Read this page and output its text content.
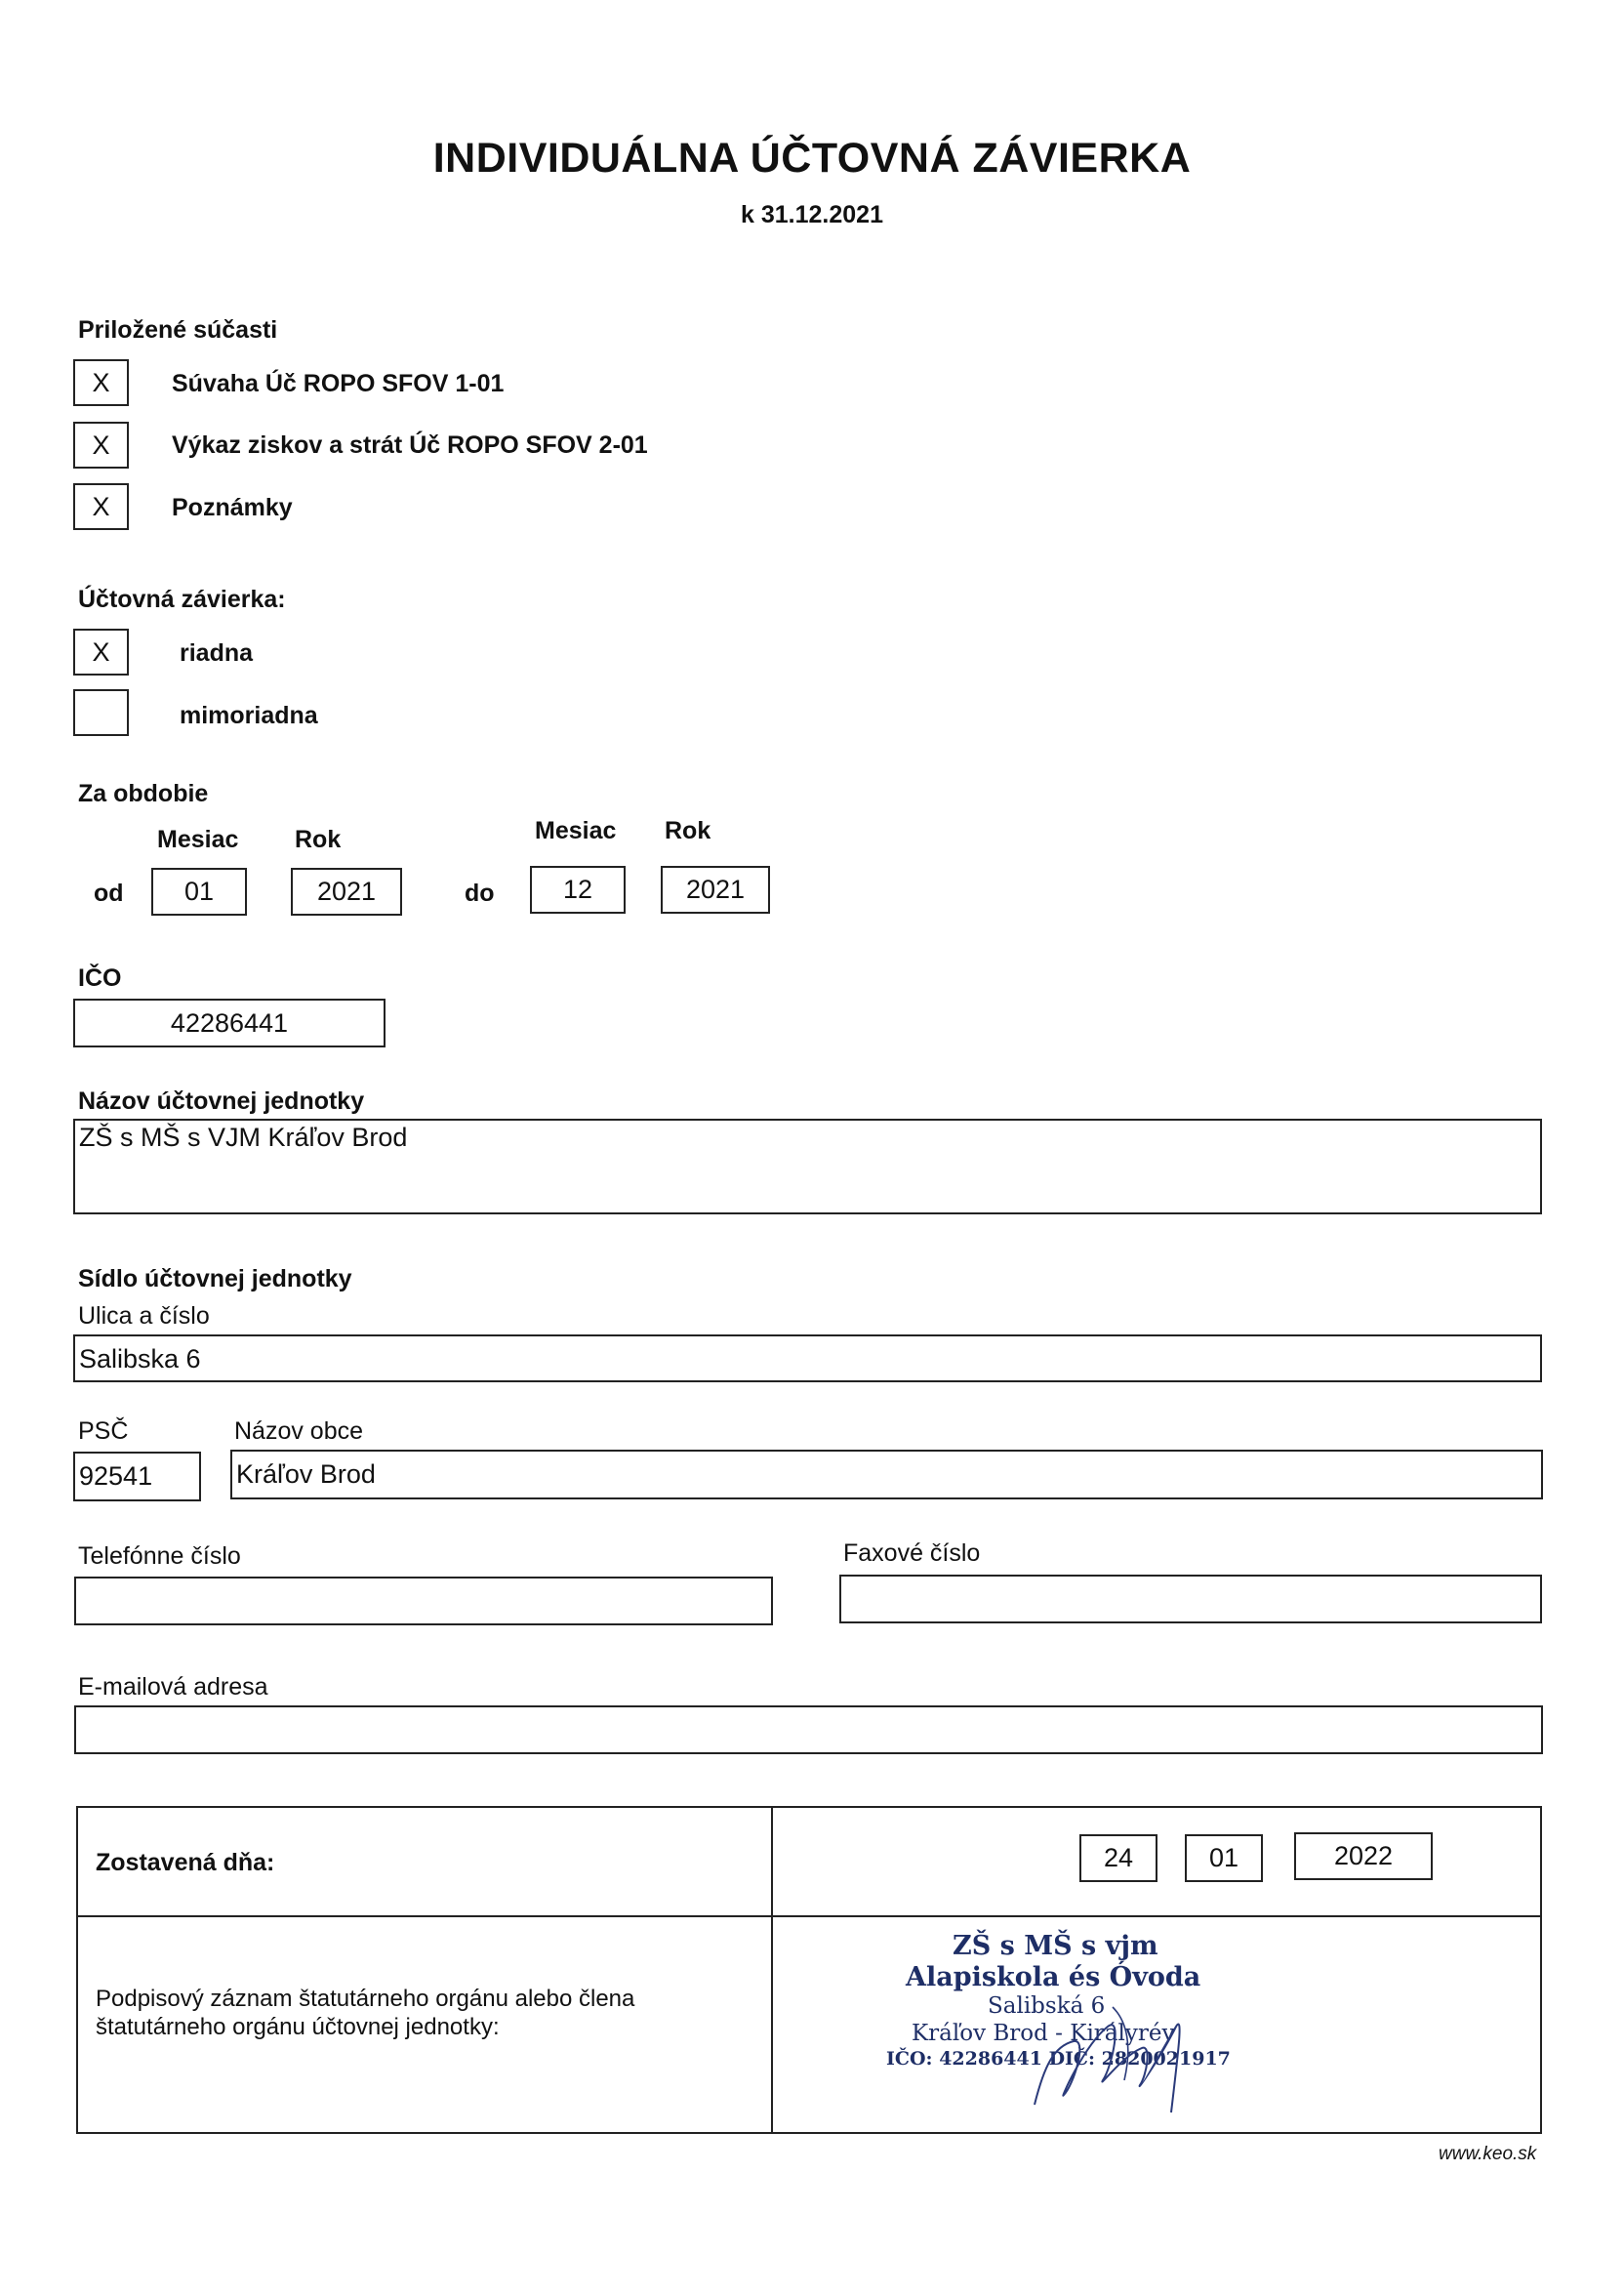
INDIVIDUÁLNA ÚČTOVNÁ ZÁVIERKA
k 31.12.2021
Priložené súčasti
X	Súvaha Úč ROPO SFOV 1-01
X	Výkaz ziskov a strát Úč ROPO SFOV 2-01
X	Poznámky
Účtovná závierka:
X	riadna
mimoriadna
Za obdobie
Mesiac Rok	Mesiac Rok
od	01	2021	do	12	2021
IČO
42286441
Názov účtovnej jednotky
ZŠ s MŠ s VJM Kráľov Brod
Sídlo účtovnej jednotky
Ulica a číslo
Salibska 6
PSČ	Názov obce
92541	Kráľov Brod
Telefónne číslo	Faxové číslo
E-mailová adresa
Zostavená dňa:	24	01	2022
Podpisový záznam štatutárneho orgánu alebo člena
štatutárneho orgánu účtovnej jednotky:
ZŠ s MŠ s vjm
Alapiskola és Óvoda
Salibská 6
Kráľov Brod - Királyrév
IČO: 42286441 DIČ: 2820021917
www.keo.sk
